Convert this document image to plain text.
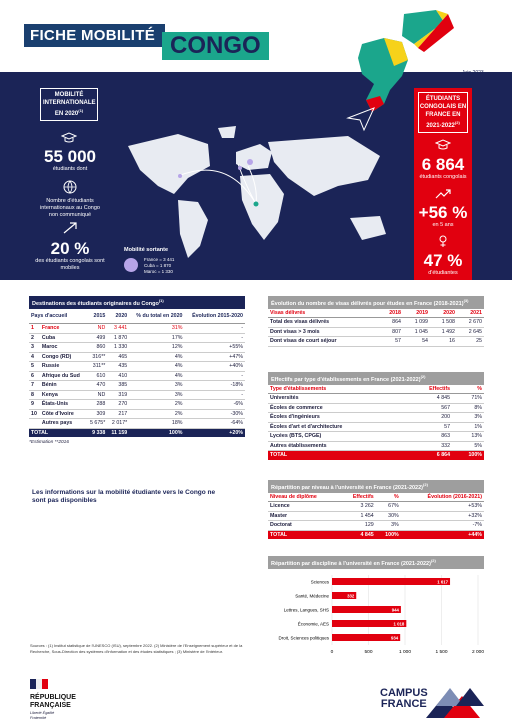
FICHE MOBILITÉ CONGO
Juin 2023
MOBILITÉ INTERNATIONALE EN 2020$^{(1)}$
55 000
étudiants dont
Nombre d'étudiants internationaux au Congo non communiqué
20 %
des étudiants congolais sont mobiles
Mobilité sortante
France = 3 441
Cuba = 1 870
Maroc = 1 330
ÉTUDIANTS CONGOLAIS EN FRANCE EN 2021-2022$^{(2)}$
6 864
étudiants congolais
+56 %
en 5 ans
47 %
d'étudiantes
Destinations des étudiants originaires du Congo$^{(1)}$
Pays d'accueil		2015	2020	% du total en 2020	Évolution 2015-2020
1	France	ND	3 441	31%	-
2	Cuba	499	1 870	17%	-
3	Maroc	860	1 330	12%	+55%
4	Congo (RD)	316**	465	4%	+47%
5	Russie	311**	435	4%	+40%
6	Afrique du Sud	610	410	4%	-
7	Bénin	470	385	3%	-18%
8	Kenya	ND	319	3%	-
9	États-Unis	288	270	2%	-6%
10	Côte d'Ivoire	309	217	2%	-30%
	Autres pays	5 675*	2 017*	18%	-64%
TOTAL		9 338	11 159	100%	+20%
*Estimation **2016
Évolution du nombre de visas délivrés pour études en France (2018-2021)$^{(3)}$
Visas délivrés	2018	2019	2020	2021
Total des visas délivrés	864	1 099	1 508	2 670
Dont visas > 3 mois	807	1 045	1 492	2 645
Dont visas de court séjour	57	54	16	25
Effectifs par type d'établissements en France (2021-2022)$^{(2)}$
Type d'établissements	Effectifs	%
Universités	4 845	71%
Écoles de commerce	567	8%
Écoles d'ingénieurs	200	3%
Écoles d'art et d'architecture	57	1%
Lycées (BTS, CPGE)	863	13%
Autres établissements	332	5%
TOTAL	6 864	100%
Répartition par niveau à l'université en France (2021-2022)$^{(2)}$
Niveau de diplôme	Effectifs	%	Évolution (2016-2021)
Licence	3 262	67%	+53%
Master	1 454	30%	+32%
Doctorat	129	3%	-7%
TOTAL	4 845	100%	+44%
Les informations sur la mobilité étudiante vers le Congo ne sont pas disponibles
Répartition par discipline à l'université en France (2021-2022)$^{(2)}$
0	500	1 000	1 500	2 000
Sciences	1 617
Santé, Médecine	332
Lettres, Langues, SHS	944
Économie, AES	1 018
Droit, Sciences politiques	934
Sources : (1) Institut statistique de l'UNESCO (ISU), septembre 2022. (2) Ministère de l'Enseignement supérieur et de la Recherche, Sous-Direction des systèmes d'information et des études statistiques ; (3) Ministère de l'Intérieur.
RÉPUBLIQUE
FRANÇAISE
Liberté Égalité Fraternité
CAMPUS
FRANCE
